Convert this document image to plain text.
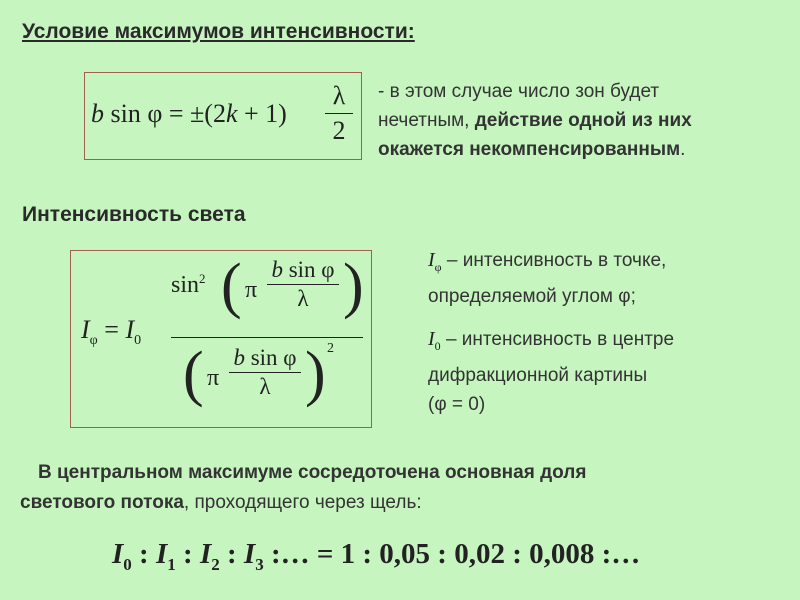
Условие максимумов интенсивности:
b sin φ = ±(2k + 1)
λ
2
- в этом случае число зон будет
нечетным, действие одной из них
окажется некомпенсированным.
Интенсивность света
$I_\varphi = I_0$
$\sin^2$ ( π
b sin φ
λ )
( π
b sin φ
λ ) 2
$I_\varphi$ – интенсивность в точке,
определяемой углом φ;
$I_0$ – интенсивность в центре
дифракционной картины
(φ = 0)
В центральном максимуме сосредоточена основная доля
светового потока, проходящего через щель:
$I_0$ : $I_1$ : $I_2$ : $I_3$ :… = 1 : 0,05 : 0,02 : 0,008 :…
